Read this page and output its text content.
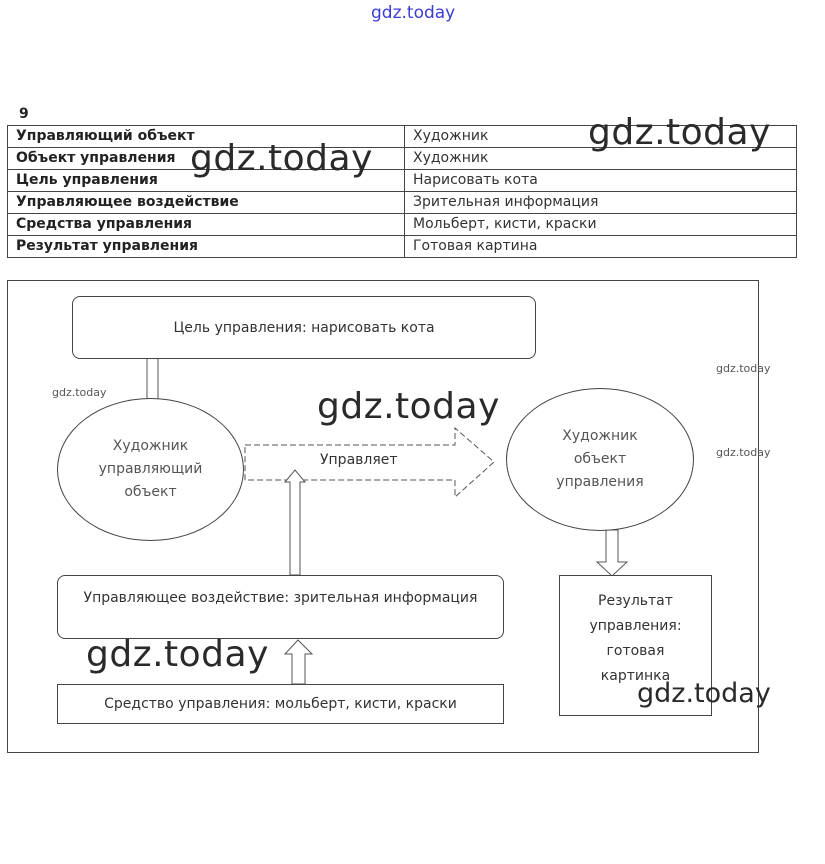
gdz.today
9
Управляющий объект	Художник
Объект управления	Художник
Цель управления	Нарисовать кота
Управляющее воздействие	Зрительная информация
Средства управления	Мольберт, кисти, краски
Результат управления	Готовая картина
gdz.today
gdz.today
Цель управления: нарисовать кота
Художник
управляющий
объект
Управляет
Художник
объект
управления
Управляющее воздействие: зрительная информация
Средство управления: мольберт, кисти, краски
Результат
управления:
готовая
картинка
gdz.today	gdz.today
gdz.today
gdz.today
gdz.today
gdz.today
